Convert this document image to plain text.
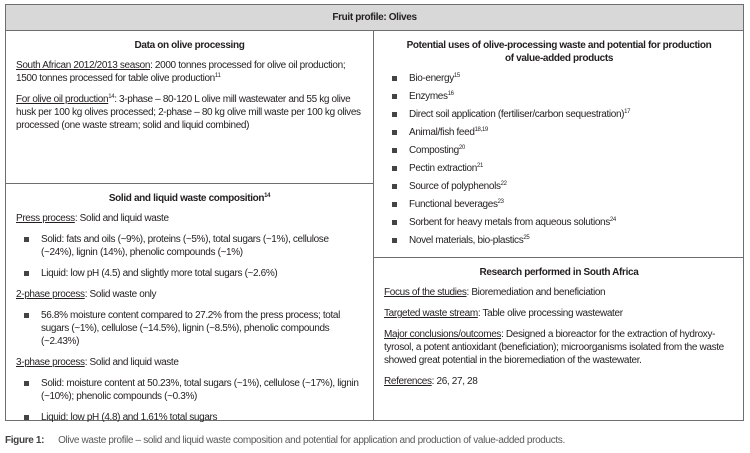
Fruit profile: Olives
Data on olive processing

South African 2012/2013 season: 2000 tonnes processed for olive oil production; 1500 tonnes processed for table olive production$^{11}$

For olive oil production$^{14}$: 3-phase – 80-120 L olive mill wastewater and 55 kg olive husk per 100 kg olives processed; 2-phase – 80 kg olive mill waste per 100 kg olives processed (one waste stream; solid and liquid combined)

Solid and liquid waste composition$^{14}$

Press process: Solid and liquid waste

Solid: fats and oils (~9%), proteins (~5%), total sugars (~1%), cellulose (~24%), lignin (14%), phenolic compounds (~1%)
Liquid: low pH (4.5) and slightly more total sugars (~2.6%)

2-phase process: Solid waste only

56.8% moisture content compared to 27.2% from the press process; total sugars (~1%), cellulose (~14.5%), lignin (~8.5%), phenolic compounds (~2.43%)

3-phase process: Solid and liquid waste

Solid: moisture content at 50.23%, total sugars (~1%), cellulose (~17%), lignin (~10%); phenolic compounds (~0.3%)
Liquid: low pH (4.8) and 1.61% total sugars
Potential uses of olive-processing waste and potential for production of value-added products
Bio-energy$^{15}$
Enzymes$^{16}$
Direct soil application (fertiliser/carbon sequestration)$^{17}$
Animal/fish feed$^{18,19}$
Composting$^{20}$
Pectin extraction$^{21}$
Source of polyphenols$^{22}$
Functional beverages$^{23}$
Sorbent for heavy metals from aqueous solutions$^{24}$
Novel materials, bio-plastics$^{25}$
Research performed in South Africa

Focus of the studies: Bioremediation and beneficiation

Targeted waste stream: Table olive processing wastewater

Major conclusions/outcomes: Designed a bioreactor for the extraction of hydroxy-tyrosol, a potent antioxidant (beneficiation); microorganisms isolated from the waste showed great potential in the bioremediation of the wastewater.

References: 26, 27, 28

Figure 1: Olive waste profile – solid and liquid waste composition and potential for application and production of value-added products.
